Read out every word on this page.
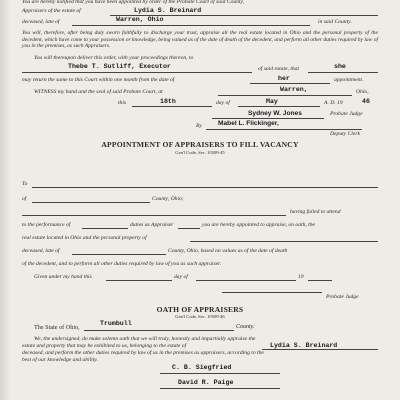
You are hereby notified that you have been appointed by order of the Probate Court of said County,
Appraisers of the estate of	Lydia S. Breinard
Warren, Ohio
deceased, late of	in said County.
You will, therefore, after being duly sworn faithfully to discharge your trust, appraise all the real estate located in Ohio and the personal property of the decedent, which have come to your possession or knowledge, being valued as of the date of death of the decedent, and perform all other duties required by law of you in the premises, as such Appraisers.
You will thereupon deliver this order, with your proceedings thereon, to
Thebe T. Sutliff, Executor	of said estate, that	she
may return the same to this Court within one month from the date of	her	appointment.
WITNESS my hand and the seal of said Probate Court, at	Warren,	Ohio,
this	18th	day of	May	A. D. 19	46
Sydney W. Jones	Probate Judge
By Mabel L. Flickinger,
Deputy Clerk
APPOINTMENT OF APPRAISERS TO FILL VACANCY
Gen'l Code, Sec. 10509-45
To
of	County, Ohio;
having failed to attend
to the performance of	duties as Appraiser	you are hereby appointed to appraise, on oath, the
real estate located in Ohio and the personal property of
deceased, late of	County, Ohio, based on values as of the date of death
of the decedent, and to perform all other duties required by law of you as such appraiser.
Given under my hand this	day of	19
Probate Judge
OATH OF APPRAISERS
Gen'l Code, Sec. 10509-46
The State of Ohio,
Trumbull	County.
We, the undersigned, do make solemn oath that we will truly, honestly and impartially appraise the
estate and property that may be exhibited to us, belonging to the estate of	Lydia S. Breinard
deceased, and perform the other duties required by law of us in the premises as appraisers, according to the
best of our knowledge and ability.
C. B. Siegfried
David R. Paige
